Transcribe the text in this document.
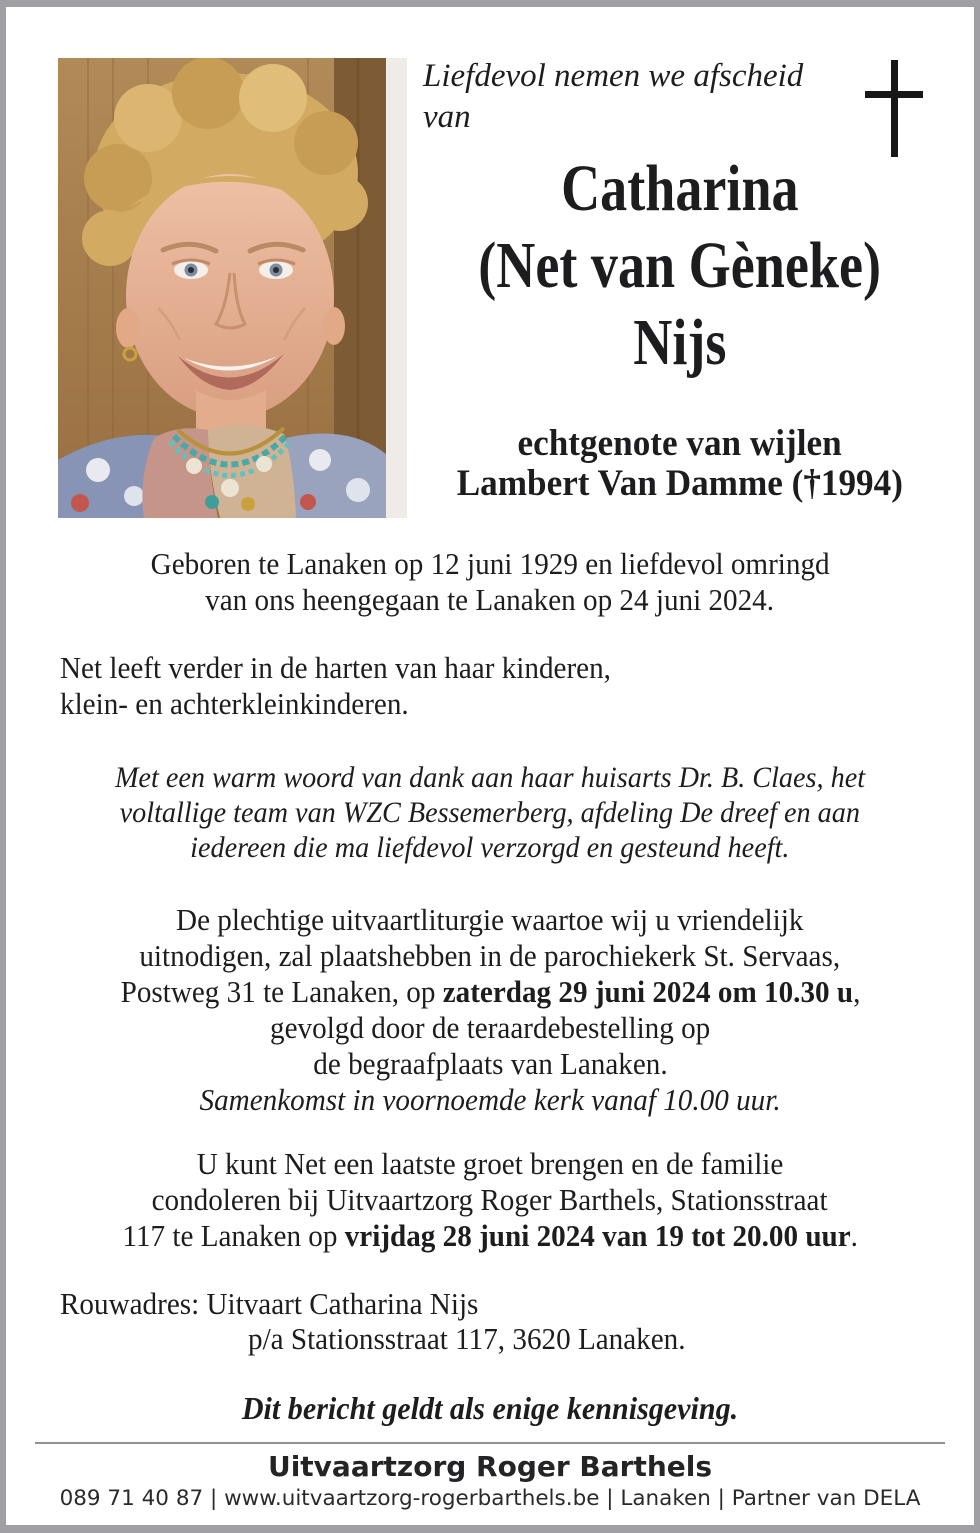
Liefdevol nemen we afscheid
van
Catharina
(Net van Gèneke)
Nijs
echtgenote van wijlen
Lambert Van Damme (†1994)
Geboren te Lanaken op 12 juni 1929 en liefdevol omringd
van ons heengegaan te Lanaken op 24 juni 2024.
Net leeft verder in de harten van haar kinderen,
klein- en achterkleinkinderen.
Met een warm woord van dank aan haar huisarts Dr. B. Claes, het
voltallige team van WZC Bessemerberg, afdeling De dreef en aan
iedereen die ma liefdevol verzorgd en gesteund heeft.
De plechtige uitvaartliturgie waartoe wij u vriendelijk
uitnodigen, zal plaatshebben in de parochiekerk St. Servaas,
Postweg 31 te Lanaken, op zaterdag 29 juni 2024 om 10.30 u,
gevolgd door de teraardebestelling op
de begraafplaats van Lanaken.
Samenkomst in voornoemde kerk vanaf 10.00 uur.
U kunt Net een laatste groet brengen en de familie
condoleren bij Uitvaartzorg Roger Barthels, Stationsstraat
117 te Lanaken op vrijdag 28 juni 2024 van 19 tot 20.00 uur.
Rouwadres: Uitvaart Catharina Nijs
p/a Stationsstraat 117, 3620 Lanaken.
Dit bericht geldt als enige kennisgeving.
Uitvaartzorg Roger Barthels
089 71 40 87 | www.uitvaartzorg-rogerbarthels.be | Lanaken | Partner van DELA
